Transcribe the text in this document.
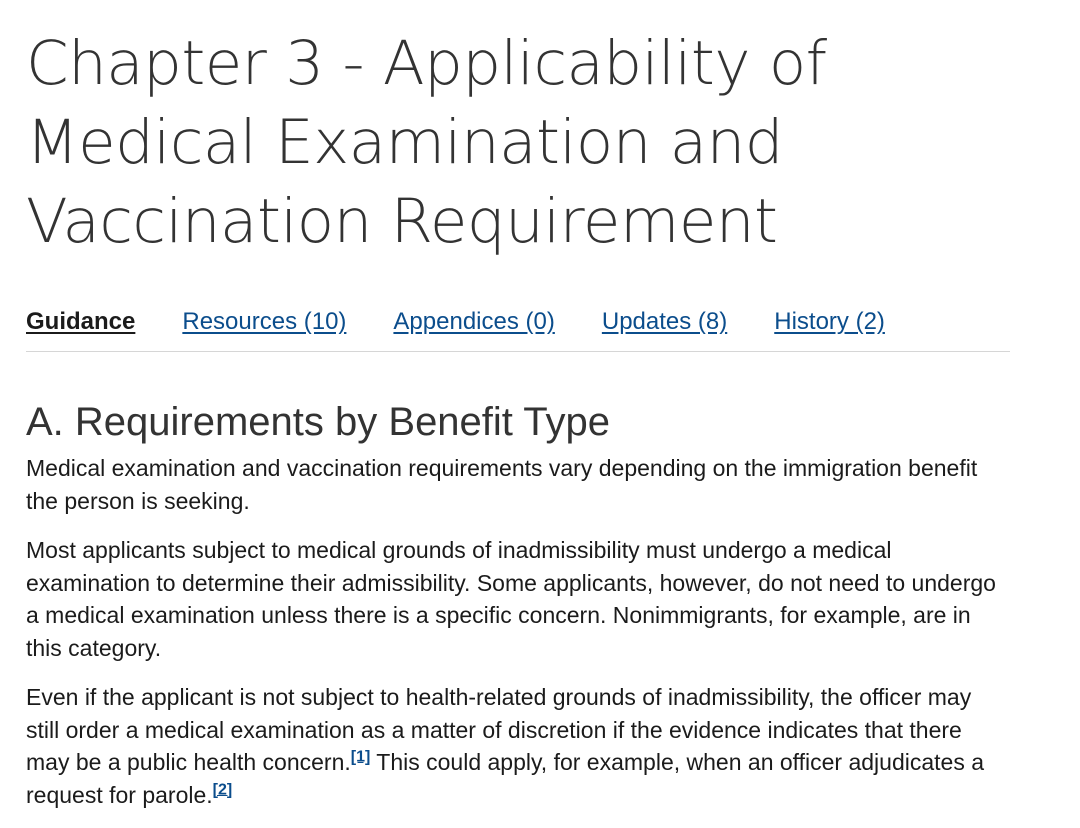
Chapter 3 - Applicability of Medical Examination and Vaccination Requirement
Guidance Resources (10) Appendices (0) Updates (8) History (2)
A. Requirements by Benefit Type

Medical examination and vaccination requirements vary depending on the immigration benefit the person is seeking.

Most applicants subject to medical grounds of inadmissibility must undergo a medical examination to determine their admissibility. Some applicants, however, do not need to undergo a medical examination unless there is a specific concern. Nonimmigrants, for example, are in this category.

Even if the applicant is not subject to health-related grounds of inadmissibility, the officer may still order a medical examination as a matter of discretion if the evidence indicates that there may be a public health concern.[1] This could apply, for example, when an officer adjudicates a request for parole.[2]
